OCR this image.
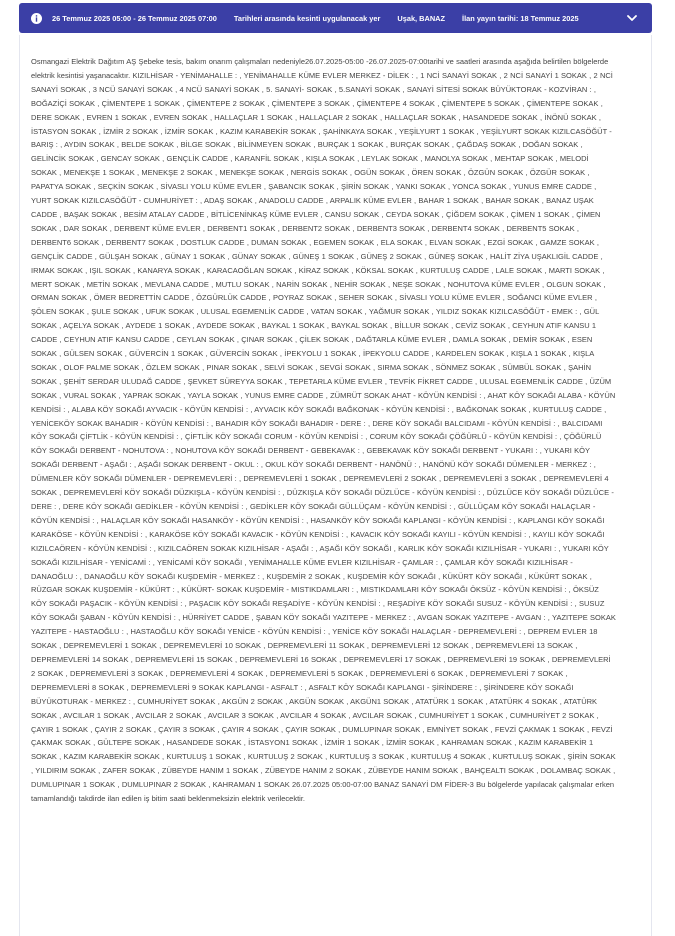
26 Temmuz 2025 05:00 - 26 Temmuz 2025 07:00 Tarihleri arasında kesinti uygulanacak yer Uşak, BANAZ İlan yayın tarihi: 18 Temmuz 2025

Osmangazi Elektrik Dağıtım AŞ Şebeke tesis, bakım onarım çalışmaları nedeniyle26.07.2025-05:00 -26.07.2025-07:00tarihi ve saatleri arasında aşağıda belirtilen bölgelerde elektrik kesintisi yaşanacaktır. KIZILHİSAR - YENİMAHALLE : , YENİMAHALLE KÜME EVLER MERKEZ - DİLEK : , 1 NCİ SANAYİ SOKAK , 2 NCİ SANAYİ 1 SOKAK , 2 NCİ SANAYİ SOKAK , 3 NCÜ SANAYİ SOKAK , 4 NCÜ SANAYİ SOKAK , 5. SANAYİ- SOKAK , 5.SANAYİ SOKAK , SANAYİ SİTESİ SOKAK BÜYÜKTORAK - KOZVİRAN : , BOĞAZİÇİ SOKAK , ÇİMENTEPE 1 SOKAK , ÇİMENTEPE 2 SOKAK , ÇİMENTEPE 3 SOKAK , ÇİMENTEPE 4 SOKAK , ÇİMENTEPE 5 SOKAK , ÇİMENTEPE SOKAK , DERE SOKAK , EVREN 1 SOKAK , EVREN SOKAK , HALLAÇLAR 1 SOKAK , HALLAÇLAR 2 SOKAK , HALLAÇLAR SOKAK , HASANDEDE SOKAK , İNÖNÜ SOKAK , İSTASYON SOKAK , İZMİR 2 SOKAK , İZMİR SOKAK , KAZIM KARABEKİR SOKAK , ŞAHİNKAYA SOKAK , YEŞİLYURT 1 SOKAK , YEŞİLYURT SOKAK KIZILCASÖĞÜT - BARIŞ : , AYDIN SOKAK , BELDE SOKAK , BİLGE SOKAK , BİLİNMEYEN SOKAK , BURÇAK 1 SOKAK , BURÇAK SOKAK , ÇAĞDAŞ SOKAK , DOĞAN SOKAK , GELİNCİK SOKAK , GENCAY SOKAK , GENÇLİK CADDE , KARANFİL SOKAK , KIŞLA SOKAK , LEYLAK SOKAK , MANOLYA SOKAK , MEHTAP SOKAK , MELODİ SOKAK , MENEKŞE 1 SOKAK , MENEKŞE 2 SOKAK , MENEKŞE SOKAK , NERGİS SOKAK , OGÜN SOKAK , ÖREN SOKAK , ÖZGÜN SOKAK , ÖZGÜR SOKAK , PAPATYA SOKAK , SEÇKİN SOKAK , SİVASLI YOLU KÜME EVLER , ŞABANCIK SOKAK , ŞİRİN SOKAK , YANKI SOKAK , YONCA SOKAK , YUNUS EMRE CADDE , YURT SOKAK KIZILCASÖĞÜT - CUMHURİYET : , ADAŞ SOKAK , ANADOLU CADDE , ARPALIK KÜME EVLER , BAHAR 1 SOKAK , BAHAR SOKAK , BANAZ UŞAK CADDE , BAŞAK SOKAK , BESİM ATALAY CADDE , BİTLİCENİNKAŞ KÜME EVLER , CANSU SOKAK , CEYDA SOKAK , ÇİĞDEM SOKAK , ÇİMEN 1 SOKAK , ÇİMEN SOKAK , DAR SOKAK , DERBENT KÜME EVLER , DERBENT1 SOKAK , DERBENT2 SOKAK , DERBENT3 SOKAK , DERBENT4 SOKAK , DERBENT5 SOKAK , DERBENT6 SOKAK , DERBENT7 SOKAK , DOSTLUK CADDE , DUMAN SOKAK , EGEMEN SOKAK , ELA SOKAK , ELVAN SOKAK , EZGİ SOKAK , GAMZE SOKAK , GENÇLİK CADDE , GÜLŞAH SOKAK , GÜNAY 1 SOKAK , GÜNAY SOKAK , GÜNEŞ 1 SOKAK , GÜNEŞ 2 SOKAK , GÜNEŞ SOKAK , HALİT ZİYA UŞAKLIGİL CADDE , IRMAK SOKAK , IŞIL SOKAK , KANARYA SOKAK , KARACAOĞLAN SOKAK , KİRAZ SOKAK , KÖKSAL SOKAK , KURTULUŞ CADDE , LALE SOKAK , MARTI SOKAK , MERT SOKAK , METİN SOKAK , MEVLANA CADDE , MUTLU SOKAK , NARİN SOKAK , NEHİR SOKAK , NEŞE SOKAK , NOHUTOVA KÜME EVLER , OLGUN SOKAK , ORMAN SOKAK , ÖMER BEDRETTİN CADDE , ÖZGÜRLÜK CADDE , POYRAZ SOKAK , SEHER SOKAK , SİVASLI YOLU KÜME EVLER , SOĞANCI KÜME EVLER , ŞÖLEN SOKAK , ŞULE SOKAK , UFUK SOKAK , ULUSAL EGEMENLİK CADDE , VATAN SOKAK , YAĞMUR SOKAK , YILDIZ SOKAK KIZILCASÖĞÜT - EMEK : , GÜL SOKAK , AÇELYA SOKAK , AYDEDE 1 SOKAK , AYDEDE SOKAK , BAYKAL 1 SOKAK , BAYKAL SOKAK , BİLLUR SOKAK , CEVİZ SOKAK , CEYHUN ATIF KANSU 1 CADDE , CEYHUN ATIF KANSU CADDE , CEYLAN SOKAK , ÇINAR SOKAK , ÇİLEK SOKAK , DAĞTARLA KÜME EVLER , DAMLA SOKAK , DEMİR SOKAK , ESEN SOKAK , GÜLSEN SOKAK , GÜVERCİN 1 SOKAK , GÜVERCİN SOKAK , İPEKYOLU 1 SOKAK , İPEKYOLU CADDE , KARDELEN SOKAK , KIŞLA 1 SOKAK , KIŞLA SOKAK , OLOF PALME SOKAK , ÖZLEM SOKAK , PINAR SOKAK , SELVİ SOKAK , SEVGİ SOKAK , SIRMA SOKAK , SÖNMEZ SOKAK , SÜMBÜL SOKAK , ŞAHİN SOKAK , ŞEHİT SERDAR ULUDAĞ CADDE , ŞEVKET SÜREYYA SOKAK , TEPETARLA KÜME EVLER , TEVFİK FİKRET CADDE , ULUSAL EGEMENLİK CADDE , ÜZÜM SOKAK , VURAL SOKAK , YAPRAK SOKAK , YAYLA SOKAK , YUNUS EMRE CADDE , ZÜMRÜT SOKAK AHAT - KÖYÜN KENDİSİ : , AHAT KÖY SOKAĞI ALABA - KÖYÜN KENDİSİ : , ALABA KÖY SOKAĞI AYVACIK - KÖYÜN KENDİSİ : , AYVACIK KÖY SOKAĞI BAĞKONAK - KÖYÜN KENDİSİ : , BAĞKONAK SOKAK , KURTULUŞ CADDE , YENİCEKÖY SOKAK BAHADIR - KÖYÜN KENDİSİ : , BAHADIR KÖY SOKAĞI BAHADIR - DERE : , DERE KÖY SOKAĞI BALCIDAMI - KÖYÜN KENDİSİ : , BALCIDAMI KÖY SOKAĞI ÇİFTLİK - KÖYÜN KENDİSİ : , ÇİFTLİK KÖY SOKAĞI CORUM - KÖYÜN KENDİSİ : , CORUM KÖY SOKAĞI ÇÖĞÜRLÜ - KÖYÜN KENDİSİ : , ÇÖĞÜRLÜ KÖY SOKAĞI DERBENT - NOHUTOVA : , NOHUTOVA KÖY SOKAĞI DERBENT - GEBEKAVAK : , GEBEKAVAK KÖY SOKAĞI DERBENT - YUKARI : , YUKARI KÖY SOKAĞI DERBENT - AŞAĞI : , AŞAĞI SOKAK DERBENT - OKUL : , OKUL KÖY SOKAĞI DERBENT - HANÖNÜ : , HANÖNÜ KÖY SOKAĞI DÜMENLER - MERKEZ : , DÜMENLER KÖY SOKAĞI DÜMENLER - DEPREMEVLERİ : , DEPREMEVLERİ 1 SOKAK , DEPREMEVLERİ 2 SOKAK , DEPREMEVLERİ 3 SOKAK , DEPREMEVLERİ 4 SOKAK , DEPREMEVLERİ KÖY SOKAĞI DÜZKIŞLA - KÖYÜN KENDİSİ : , DÜZKIŞLA KÖY SOKAĞI DÜZLÜCE - KÖYÜN KENDİSİ : , DÜZLÜCE KÖY SOKAĞI DÜZLÜCE - DERE : , DERE KÖY SOKAĞI GEDİKLER - KÖYÜN KENDİSİ : , GEDİKLER KÖY SOKAĞI GÜLLÜÇAM - KÖYÜN KENDİSİ : , GÜLLÜÇAM KÖY SOKAĞI HALAÇLAR - KÖYÜN KENDİSİ : , HALAÇLAR KÖY SOKAĞI HASANKÖY - KÖYÜN KENDİSİ : , HASANKÖY KÖY SOKAĞI KAPLANGI - KÖYÜN KENDİSİ : , KAPLANGI KÖY SOKAĞI KARAKÖSE - KÖYÜN KENDİSİ : , KARAKÖSE KÖY SOKAĞI KAVACIK - KÖYÜN KENDİSİ : , KAVACIK KÖY SOKAĞI KAYILI - KÖYÜN KENDİSİ : , KAYILI KÖY SOKAĞI KIZILCAÖREN - KÖYÜN KENDİSİ : , KIZILCAÖREN SOKAK KIZILHİSAR - AŞAĞI : , AŞAĞI KÖY SOKAĞI , KARLIK KÖY SOKAĞI KIZILHİSAR - YUKARI : , YUKARI KÖY SOKAĞI KIZILHİSAR - YENİCAMİ : , YENİCAMİ KÖY SOKAĞI , YENİMAHALLE KÜME EVLER KIZILHİSAR - ÇAMLAR : , ÇAMLAR KÖY SOKAĞI KIZILHİSAR - DANAOĞLU : , DANAOĞLU KÖY SOKAĞI KUŞDEMİR - MERKEZ : , KUŞDEMİR 2 SOKAK , KUŞDEMİR KÖY SOKAĞI , KÜKÜRT KÖY SOKAĞI , KÜKÜRT SOKAK , RÜZGAR SOKAK KUŞDEMİR - KÜKÜRT : , KÜKÜRT- SOKAK KUŞDEMİR - MISTIKDAMLARI : , MISTIKDAMLARI KÖY SOKAĞI ÖKSÜZ - KÖYÜN KENDİSİ : , ÖKSÜZ KÖY SOKAĞI PAŞACIK - KÖYÜN KENDİSİ : , PAŞACIK KÖY SOKAĞI REŞADİYE - KÖYÜN KENDİSİ : , REŞADİYE KÖY SOKAĞI SUSUZ - KÖYÜN KENDİSİ : , SUSUZ KÖY SOKAĞI ŞABAN - KÖYÜN KENDİSİ : , HÜRRİYET CADDE , ŞABAN KÖY SOKAĞI YAZITEPE - MERKEZ : , AVGAN SOKAK YAZITEPE - AVGAN : , YAZITEPE SOKAK YAZITEPE - HASTAOĞLU : , HASTAOĞLU KÖY SOKAĞI YENİCE - KÖYÜN KENDİSİ : , YENİCE KÖY SOKAĞI HALAÇLAR - DEPREMEVLERİ : , DEPREM EVLER 18 SOKAK , DEPREMEVLERİ 1 SOKAK , DEPREMEVLERİ 10 SOKAK , DEPREMEVLERİ 11 SOKAK , DEPREMEVLERİ 12 SOKAK , DEPREMEVLERİ 13 SOKAK , DEPREMEVLERİ 14 SOKAK , DEPREMEVLERİ 15 SOKAK , DEPREMEVLERİ 16 SOKAK , DEPREMEVLERİ 17 SOKAK , DEPREMEVLERİ 19 SOKAK , DEPREMEVLERİ 2 SOKAK , DEPREMEVLERİ 3 SOKAK , DEPREMEVLERİ 4 SOKAK , DEPREMEVLERİ 5 SOKAK , DEPREMEVLERİ 6 SOKAK , DEPREMEVLERİ 7 SOKAK , DEPREMEVLERİ 8 SOKAK , DEPREMEVLERİ 9 SOKAK KAPLANGI - ASFALT : , ASFALT KÖY SOKAĞI KAPLANGI - ŞİRİNDERE : , ŞİRİNDERE KÖY SOKAĞI BÜYÜKOTURAK - MERKEZ : , CUMHURİYET SOKAK , AKGÜN 2 SOKAK , AKGÜN SOKAK , AKGÜN1 SOKAK , ATATÜRK 1 SOKAK , ATATÜRK 4 SOKAK , ATATÜRK SOKAK , AVCILAR 1 SOKAK , AVCILAR 2 SOKAK , AVCILAR 3 SOKAK , AVCILAR 4 SOKAK , AVCILAR SOKAK , CUMHURİYET 1 SOKAK , CUMHURİYET 2 SOKAK , ÇAYIR 1 SOKAK , ÇAYIR 2 SOKAK , ÇAYIR 3 SOKAK , ÇAYIR 4 SOKAK , ÇAYIR SOKAK , DUMLUPINAR SOKAK , EMNİYET SOKAK , FEVZİ ÇAKMAK 1 SOKAK , FEVZİ ÇAKMAK SOKAK , GÜLTEPE SOKAK , HASANDEDE SOKAK , İSTASYON1 SOKAK , İZMİR 1 SOKAK , İZMİR SOKAK , KAHRAMAN SOKAK , KAZIM KARABEKİR 1 SOKAK , KAZIM KARABEKİR SOKAK , KURTULUŞ 1 SOKAK , KURTULUŞ 2 SOKAK , KURTULUŞ 3 SOKAK , KURTULUŞ 4 SOKAK , KURTULUŞ SOKAK , ŞİRİN SOKAK , YILDIRIM SOKAK , ZAFER SOKAK , ZÜBEYDE HANIM 1 SOKAK , ZÜBEYDE HANIM 2 SOKAK , ZÜBEYDE HANIM SOKAK , BAHÇEALTI SOKAK , DOLAMBAÇ SOKAK , DUMLUPINAR 1 SOKAK , DUMLUPINAR 2 SOKAK , KAHRAMAN 1 SOKAK 26.07.2025 05:00-07:00 BANAZ SANAYİ DM FİDER-3 Bu bölgelerde yapılacak çalışmalar erken tamamlandığı takdirde ilan edilen iş bitim saati beklenmeksizin elektrik verilecektir.
